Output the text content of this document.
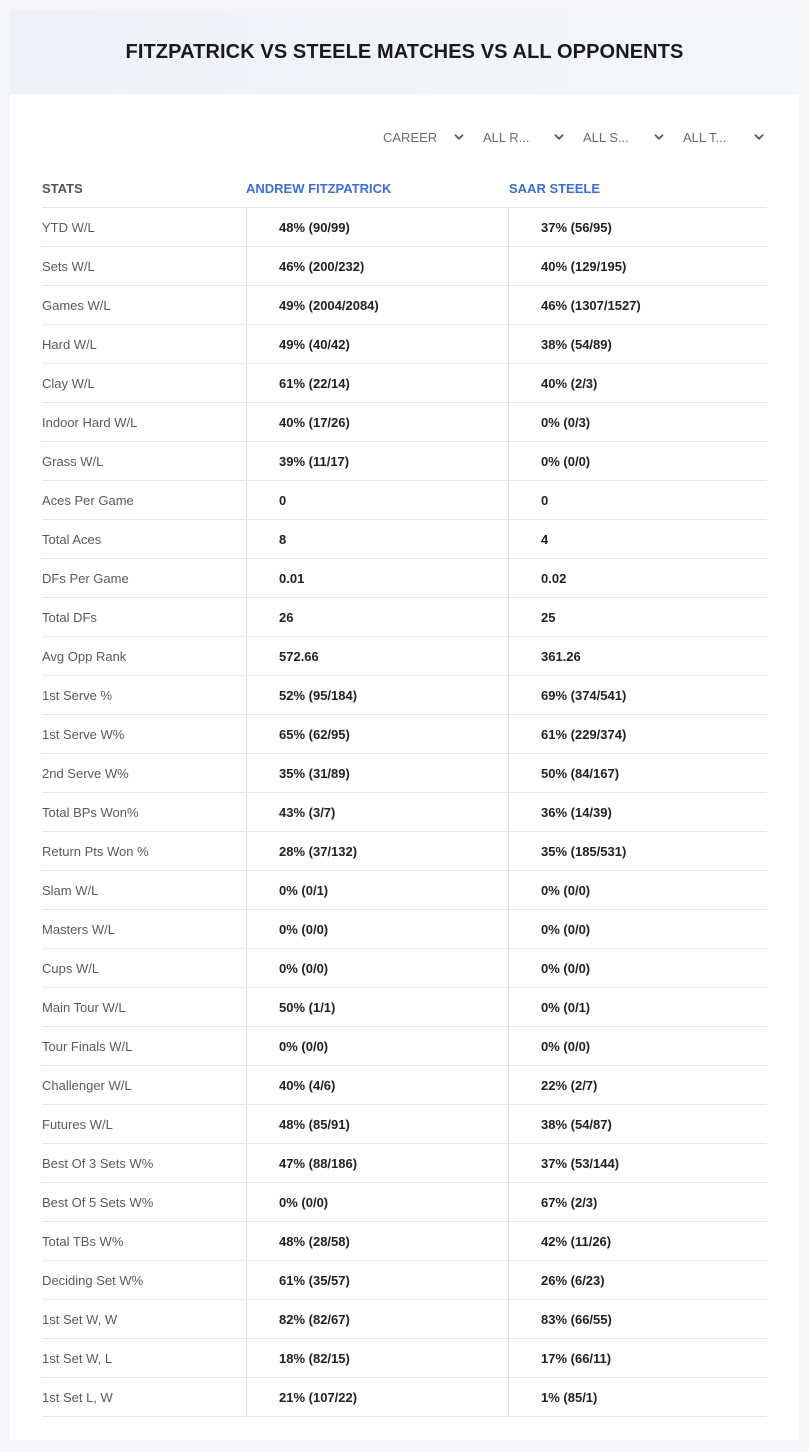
FITZPATRICK VS STEELE MATCHES VS ALL OPPONENTS
CAREER	ALL R...	ALL S...	ALL T...
STATS	ANDREW FITZPATRICK	SAAR STEELE
YTD W/L	48% (90/99)	37% (56/95)
Sets W/L	46% (200/232)	40% (129/195)
Games W/L	49% (2004/2084)	46% (1307/1527)
Hard W/L	49% (40/42)	38% (54/89)
Clay W/L	61% (22/14)	40% (2/3)
Indoor Hard W/L	40% (17/26)	0% (0/3)
Grass W/L	39% (11/17)	0% (0/0)
Aces Per Game	0	0
Total Aces	8	4
DFs Per Game	0.01	0.02
Total DFs	26	25
Avg Opp Rank	572.66	361.26
1st Serve %	52% (95/184)	69% (374/541)
1st Serve W%	65% (62/95)	61% (229/374)
2nd Serve W%	35% (31/89)	50% (84/167)
Total BPs Won%	43% (3/7)	36% (14/39)
Return Pts Won %	28% (37/132)	35% (185/531)
Slam W/L	0% (0/1)	0% (0/0)
Masters W/L	0% (0/0)	0% (0/0)
Cups W/L	0% (0/0)	0% (0/0)
Main Tour W/L	50% (1/1)	0% (0/1)
Tour Finals W/L	0% (0/0)	0% (0/0)
Challenger W/L	40% (4/6)	22% (2/7)
Futures W/L	48% (85/91)	38% (54/87)
Best Of 3 Sets W%	47% (88/186)	37% (53/144)
Best Of 5 Sets W%	0% (0/0)	67% (2/3)
Total TBs W%	48% (28/58)	42% (11/26)
Deciding Set W%	61% (35/57)	26% (6/23)
1st Set W, W	82% (82/67)	83% (66/55)
1st Set W, L	18% (82/15)	17% (66/11)
1st Set L, W	21% (107/22)	1% (85/1)
